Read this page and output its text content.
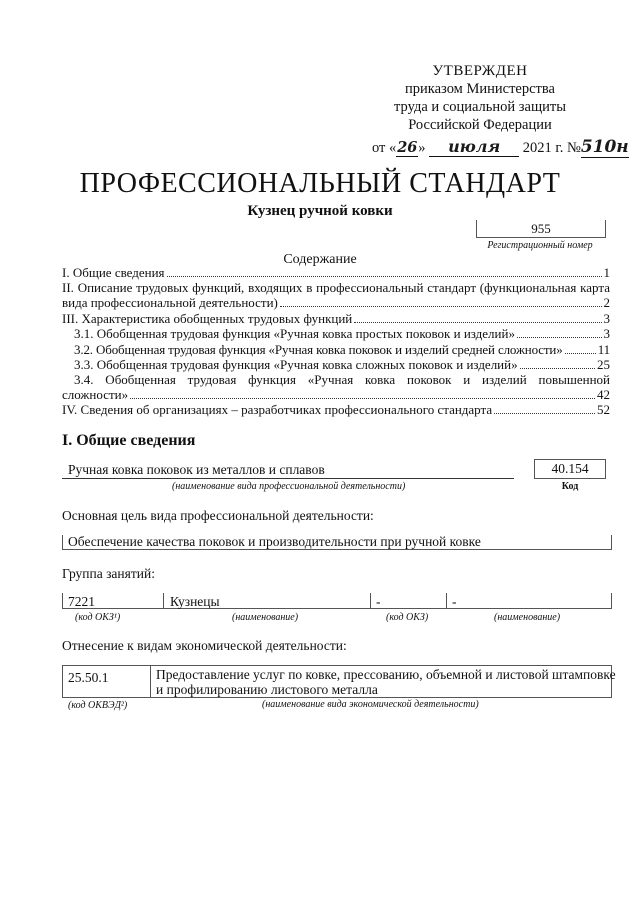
УТВЕРЖДЕН
приказом Министерства
труда и социальной защиты
Российской Федерации
от «26» июля 2021 г. №510н
ПРОФЕССИОНАЛЬНЫЙ СТАНДАРТ
Кузнец ручной ковки
955
Регистрационный номер
Содержание
I. Общие сведения	1
II. Описание трудовых функций, входящих в профессиональный стандарт (функциональная карта
вида профессиональной деятельности)	2
III. Характеристика обобщенных трудовых функций	3
3.1. Обобщенная трудовая функция «Ручная ковка простых поковок и изделий»	3
3.2. Обобщенная трудовая функция «Ручная ковка поковок и изделий средней сложности»	11
3.3. Обобщенная трудовая функция «Ручная ковка сложных поковок и изделий»	25
3.4. Обобщенная трудовая функция «Ручная ковка поковок и изделий повышенной
сложности»	42
IV. Сведения об организациях – разработчиках профессионального стандарта	52
I. Общие сведения
Ручная ковка поковок из металлов и сплавов
(наименование вида профессиональной деятельности)
40.154
Код
Основная цель вида профессиональной деятельности:
Обеспечение качества поковок и производительности при ручной ковке
Группа занятий:
7221	Кузнецы	-	-
(код ОКЗ¹)	(наименование)	(код ОКЗ)	(наименование)
Отнесение к видам экономической деятельности:
25.50.1	Предоставление услуг по ковке, прессованию, объемной и листовой штамповке
и профилированию листового металла
(код ОКВЭД²)	(наименование вида экономической деятельности)
